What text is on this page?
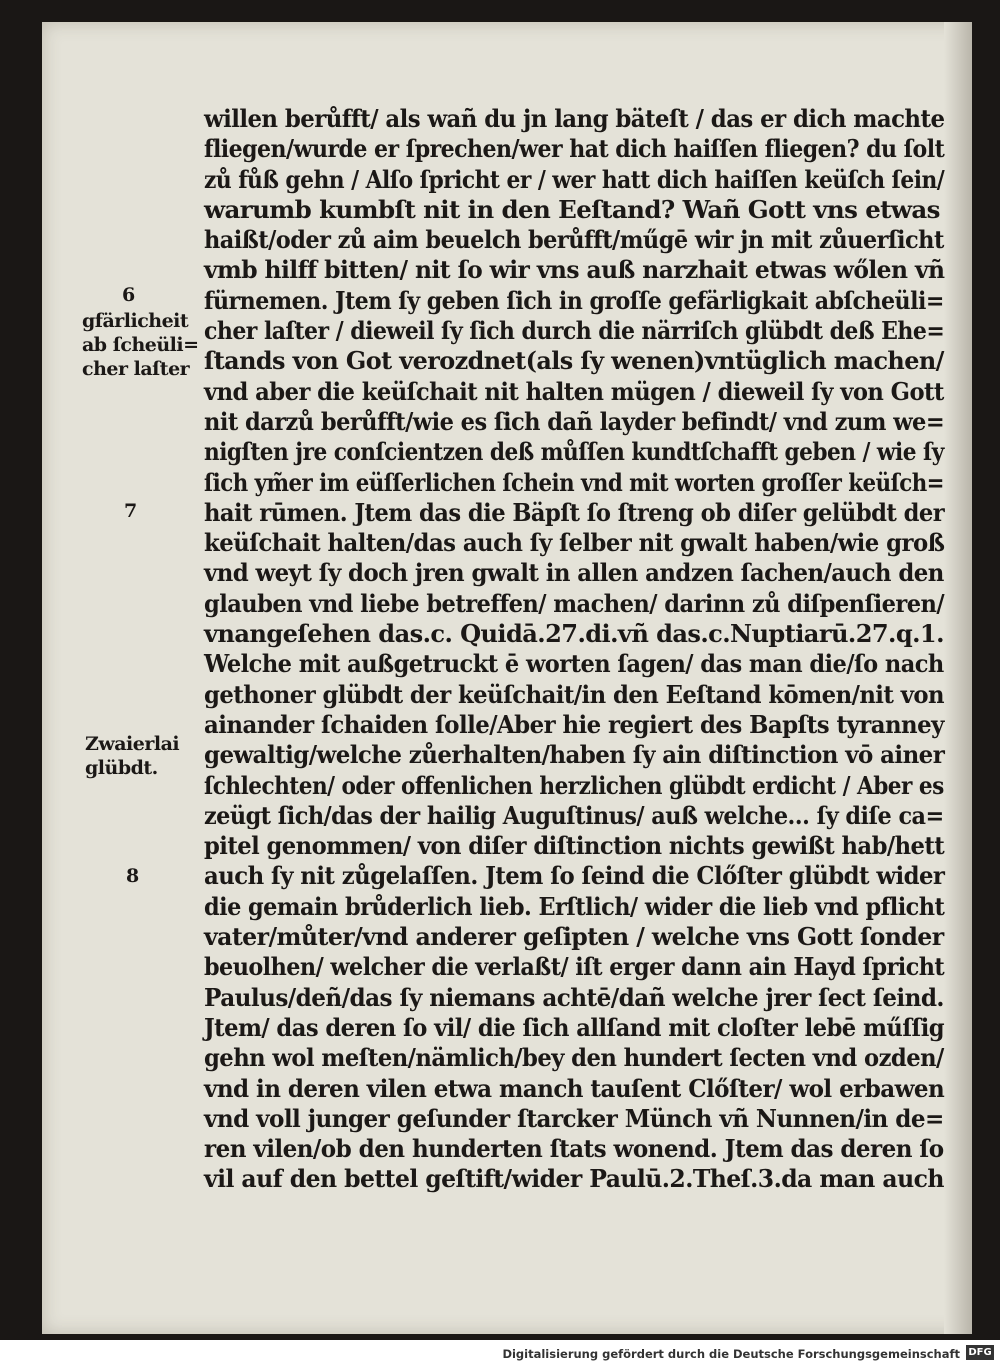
willen berůfft/ als wañ du jn lang bäteſt / das er dich machte
fliegen/wurde er ſprechen/wer hat dich haiſſen fliegen? du ſolt
zů fůß gehn / Alſo ſpricht er / wer hatt dich haiſſen keüſch ſein/
warumb kumbſt nit in den Eeſtand? Wañ Gott vns etwas
haißt/oder zů aim beuelch berůfft/műgē wir jn mit zůuerſicht
vmb hilff bitten/ nit ſo wir vns auß narzhait etwas wőlen vñ
fürnemen. Jtem ſy geben ſich in groſſe gefärligkait abſcheüli=
cher laſter / dieweil ſy ſich durch die närriſch glübdt deß Ehe=
ſtands von Got verozdnet(als ſy wenen)vntüglich machen/
vnd aber die keüſchait nit halten mügen / dieweil ſy von Gott
nit darzů berůfft/wie es ſich dañ layder befindt/ vnd zum we=
nigſten jre conſcientzen deß můſſen kundtſchafft geben / wie ſy
ſich ym̃er im eüſſerlichen ſchein vnd mit worten groſſer keüſch=
hait rūmen. Jtem das die Bäpſt ſo ſtreng ob diſer gelübdt der
keüſchait halten/das auch ſy ſelber nit gwalt haben/wie groß
vnd weyt ſy doch jren gwalt in allen andzen ſachen/auch den
glauben vnd liebe betreffen/ machen/ darinn zů diſpenſieren/
vnangeſehen das.c. Quidā.27.di.vñ das.c.Nuptiarū.27.q.1.
Welche mit außgetruckt ē worten ſagen/ das man die/ſo nach
gethoner glübdt der keüſchait/in den Eeſtand kōmen/nit von
ainander ſchaiden ſolle/Aber hie regiert des Bapſts tyranney
gewaltig/welche zůerhalten/haben ſy ain diſtinction vō ainer
ſchlechten/ oder offenlichen herzlichen glübdt erdicht / Aber es
zeügt ſich/das der hailig Auguſtinus/ auß welche… ſy diſe ca=
pitel genommen/ von diſer diſtinction nichts gewißt hab/hett
auch ſy nit zůgelaſſen. Jtem ſo ſeind die Clőſter glübdt wider
die gemain brůderlich lieb. Erſtlich/ wider die lieb vnd pflicht
vater/můter/vnd anderer geſipten / welche vns Gott ſonder
beuolhen/ welcher die verlaßt/ iſt erger dann ain Hayd ſpricht
Paulus/deñ/das ſy niemans achtē/dañ welche jrer ſect ſeind.
Jtem/ das deren ſo vil/ die ſich allſand mit cloſter lebē műſſig
gehn wol meſten/nämlich/bey den hundert ſecten vnd ozden/
vnd in deren vilen etwa manch tauſent Clőſter/ wol erbawen
vnd voll junger geſunder ſtarcker Münch vñ Nunnen/in de=
ren vilen/ob den hunderten ſtats wonend. Jtem das deren ſo
vil auf den bettel geſtift/wider Paulū.2.Theſ.3.da man auch
6
gfärlicheit
ab ſcheüli=
cher laſter
7
Zwaierlai
glübdt.
8
Digitalisierung gefördert durch die Deutsche Forschungsgemeinschaft DFG
